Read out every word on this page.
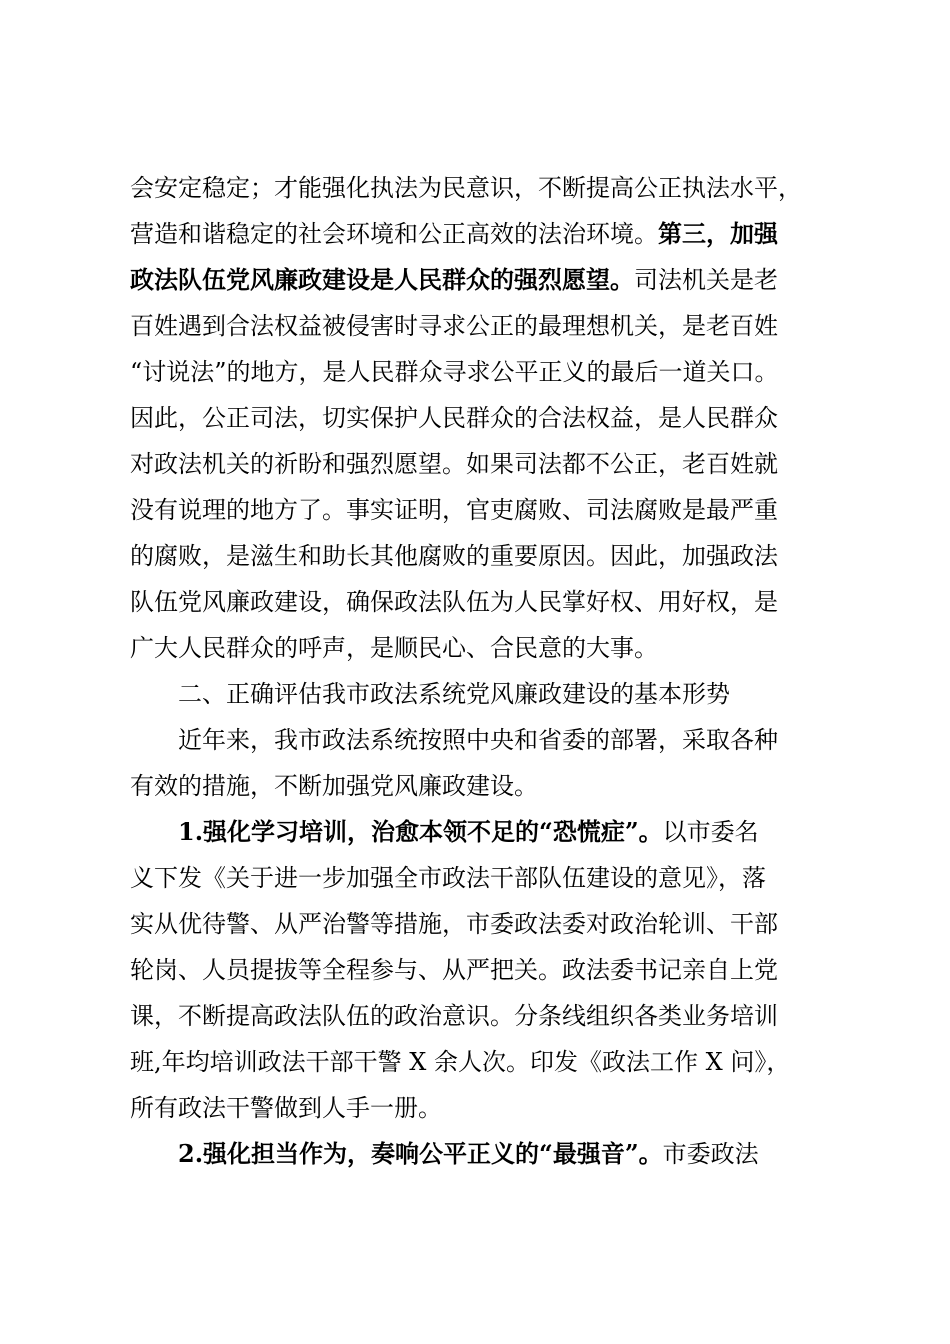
会安定稳定；才能强化执法为民意识，不断提高公正执法水平，
营造和谐稳定的社会环境和公正高效的法治环境。第三，加强
政法队伍党风廉政建设是人民群众的强烈愿望。司法机关是老
百姓遇到合法权益被侵害时寻求公正的最理想机关，是老百姓
“讨说法”的地方，是人民群众寻求公平正义的最后一道关口。
因此，公正司法，切实保护人民群众的合法权益，是人民群众
对政法机关的祈盼和强烈愿望。如果司法都不公正，老百姓就
没有说理的地方了。事实证明，官吏腐败、司法腐败是最严重
的腐败，是滋生和助长其他腐败的重要原因。因此，加强政法
队伍党风廉政建设，确保政法队伍为人民掌好权、用好权，是
广大人民群众的呼声，是顺民心、合民意的大事。
二、正确评估我市政法系统党风廉政建设的基本形势
近年来，我市政法系统按照中央和省委的部署，采取各种
有效的措施，不断加强党风廉政建设。
1.强化学习培训，治愈本领不足的“恐慌症”。以市委名
义下发《关于进一步加强全市政法干部队伍建设的意见》，落
实从优待警、从严治警等措施，市委政法委对政治轮训、干部
轮岗、人员提拔等全程参与、从严把关。政法委书记亲自上党
课，不断提高政法队伍的政治意识。分条线组织各类业务培训
班,年均培训政法干部干警 X 余人次。印发《政法工作 X 问》，
所有政法干警做到人手一册。
2.强化担当作为，奏响公平正义的“最强音”。市委政法
